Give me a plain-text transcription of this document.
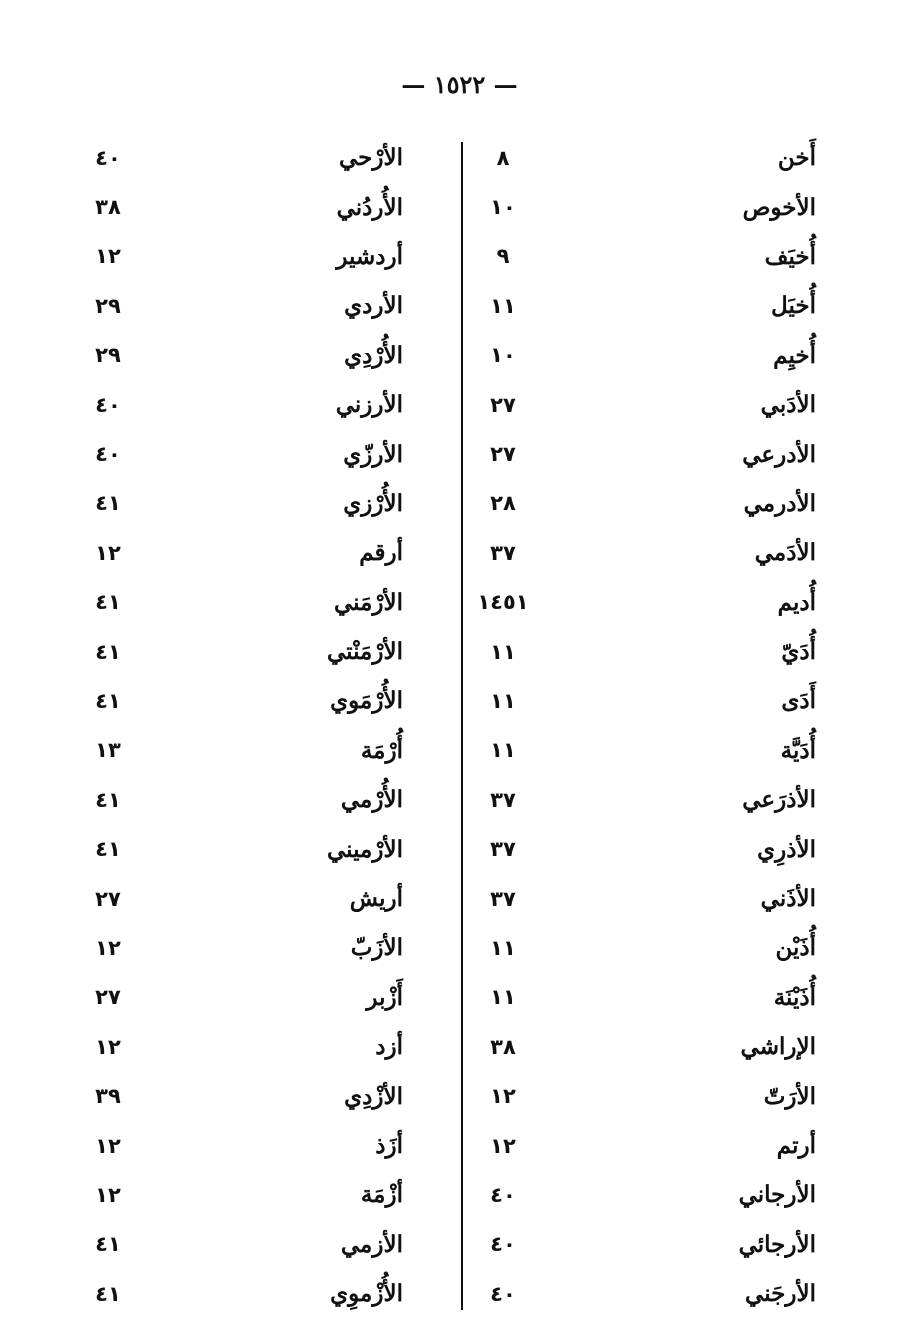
— ١٥٢٢ —
أَخن
٨
الأخوص
١٠
أُخيَف
٩
أُخيَل
١١
أُخيِم
١٠
الأدَبي
٢٧
الأدرعي
٢٧
الأدرمي
٢٨
الأدَمي
٣٧
أُديم
١٤٥١
أُدَيّ
١١
أَدَى
١١
أُدَيَّة
١١
الأذرَعي
٣٧
الأذرِي
٣٧
الأذَني
٣٧
أُذَيْن
١١
أُذَيْنَة
١١
الإراشي
٣٨
الأرَتّ
١٢
أرتم
١٢
الأرجاني
٤٠
الأرجائي
٤٠
الأرجَني
٤٠
الأرْحي
٤٠
الأُردُني
٣٨
أردشير
١٢
الأردي
٢٩
الأُرْدِي
٢٩
الأرزني
٤٠
الأرزّي
٤٠
الأُرْزي
٤١
أرقم
١٢
الأرْمَني
٤١
الأرْمَنْتي
٤١
الأُرْمَوي
٤١
أُرْمَة
١٣
الأُرْمي
٤١
الأرْميني
٤١
أريش
٢٧
الأزَبّ
١٢
أَزْبر
٢٧
أزد
١٢
الأزْدِي
٣٩
أزَذ
١٢
أزْمَة
١٢
الأزمي
٤١
الأُزْموِي
٤١
